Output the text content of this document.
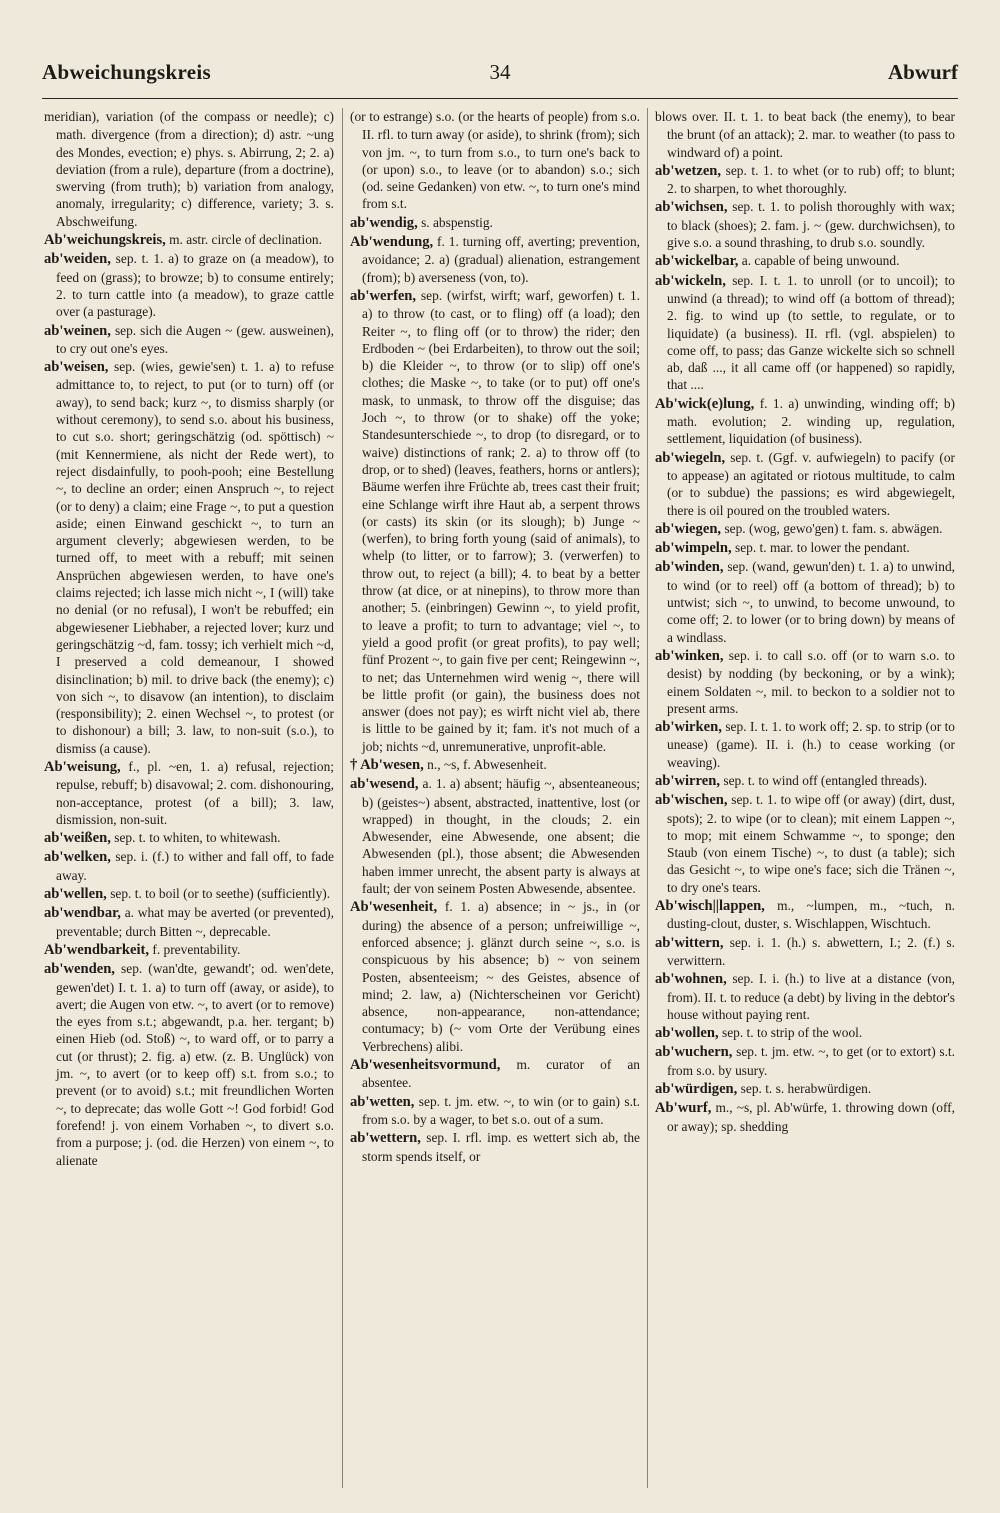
Abweichungskreis	34	Abwurf

meridian), variation (of the compass or needle); c) math. divergence (from a direction); d) astr. ~ung des Mondes, evection; e) phys. s. Abirrung, 2; 2. a) deviation (from a rule), departure (from a doctrine), swerving (from truth); b) variation from analogy, anomaly, irregularity; c) difference, variety; 3. s. Abschweifung.

Ab'weichungskreis, m. astr. circle of declination.

ab'weiden, sep. t. 1. a) to graze on (a meadow), to feed on (grass); to browze; b) to consume entirely; 2. to turn cattle into (a meadow), to graze cattle over (a pasturage).

ab'weinen, sep. sich die Augen ~ (gew. ausweinen), to cry out one's eyes.

ab'weisen, sep. (wies, gewie'sen) t. 1. a) to refuse admittance to, to reject, to put (or to turn) off (or away), to send back; kurz ~, to dismiss sharply (or without ceremony), to send s.o. about his business, to cut s.o. short; geringschätzig (od. spöttisch) ~ (mit Kennermiene, als nicht der Rede wert), to reject disdainfully, to pooh-pooh; eine Bestellung ~, to decline an order; einen Anspruch ~, to reject (or to deny) a claim; eine Frage ~, to put a question aside; einen Einwand geschickt ~, to turn an argument cleverly; abgewiesen werden, to be turned off, to meet with a rebuff; mit seinen Ansprüchen abgewiesen werden, to have one's claims rejected; ich lasse mich nicht ~, I (will) take no denial (or no refusal), I won't be rebuffed; ein abgewiesener Liebhaber, a rejected lover; kurz und geringschätzig ~d, fam. tossy; ich verhielt mich ~d, I preserved a cold demeanour, I showed disinclination; b) mil. to drive back (the enemy); c) von sich ~, to disavow (an intention), to disclaim (responsibility); 2. einen Wechsel ~, to protest (or to dishonour) a bill; 3. law, to non-suit (s.o.), to dismiss (a cause).

Ab'weisung, f., pl. ~en, 1. a) refusal, rejection; repulse, rebuff; b) disavowal; 2. com. dishonouring, non-acceptance, protest (of a bill); 3. law, dismission, non-suit.

ab'weißen, sep. t. to whiten, to whitewash.

ab'welken, sep. i. (f.) to wither and fall off, to fade away.

ab'wellen, sep. t. to boil (or to seethe) (sufficiently).

ab'wendbar, a. what may be averted (or prevented), preventable; durch Bitten ~, deprecable.

Ab'wendbarkeit, f. preventability.

ab'wenden, sep. (wan'dte, gewandt'; od. wen'dete, gewen'det) I. t. 1. a) to turn off (away, or aside), to avert; die Augen von etw. ~, to avert (or to remove) the eyes from s.t.; abgewandt, p.a. her. tergant; b) einen Hieb (od. Stoß) ~, to ward off, or to parry a cut (or thrust); 2. fig. a) etw. (z. B. Unglück) von jm. ~, to avert (or to keep off) s.t. from s.o.; to prevent (or to avoid) s.t.; mit freundlichen Worten ~, to deprecate; das wolle Gott ~! God forbid! God forefend! j. von einem Vorhaben ~, to divert s.o. from a purpose; j. (od. die Herzen) von einem ~, to alienate

(or to estrange) s.o. (or the hearts of people) from s.o. II. rfl. to turn away (or aside), to shrink (from); sich von jm. ~, to turn from s.o., to turn one's back to (or upon) s.o., to leave (or to abandon) s.o.; sich (od. seine Gedanken) von etw. ~, to turn one's mind from s.t.

ab'wendig, s. abspenstig.

Ab'wendung, f. 1. turning off, averting; prevention, avoidance; 2. a) (gradual) alienation, estrangement (from); b) averseness (von, to).

ab'werfen, sep. (wirfst, wirft; warf, geworfen) t. 1. a) to throw (to cast, or to fling) off (a load); den Reiter ~, to fling off (or to throw) the rider; den Erdboden ~ (bei Erdarbeiten), to throw out the soil; b) die Kleider ~, to throw (or to slip) off one's clothes; die Maske ~, to take (or to put) off one's mask, to unmask, to throw off the disguise; das Joch ~, to throw (or to shake) off the yoke; Standesunterschiede ~, to drop (to disregard, or to waive) distinctions of rank; 2. a) to throw off (to drop, or to shed) (leaves, feathers, horns or antlers); Bäume werfen ihre Früchte ab, trees cast their fruit; eine Schlange wirft ihre Haut ab, a serpent throws (or casts) its skin (or its slough); b) Junge ~ (werfen), to bring forth young (said of animals), to whelp (to litter, or to farrow); 3. (verwerfen) to throw out, to reject (a bill); 4. to beat by a better throw (at dice, or at ninepins), to throw more than another; 5. (einbringen) Gewinn ~, to yield profit, to leave a profit; to turn to advantage; viel ~, to yield a good profit (or great profits), to pay well; fünf Prozent ~, to gain five per cent; Reingewinn ~, to net; das Unternehmen wird wenig ~, there will be little profit (or gain), the business does not answer (does not pay); es wirft nicht viel ab, there is little to be gained by it; fam. it's not much of a job; nichts ~d, unremunerative, unprofit-able.

† Ab'wesen, n., ~s, f. Abwesenheit.

ab'wesend, a. 1. a) absent; häufig ~, absenteaneous; b) (geistes~) absent, abstracted, inattentive, lost (or wrapped) in thought, in the clouds; 2. ein Abwesender, eine Abwesende, one absent; die Abwesenden (pl.), those absent; die Abwesenden haben immer unrecht, the absent party is always at fault; der von seinem Posten Abwesende, absentee.

Ab'wesenheit, f. 1. a) absence; in ~ js., in (or during) the absence of a person; unfreiwillige ~, enforced absence; j. glänzt durch seine ~, s.o. is conspicuous by his absence; b) ~ von seinem Posten, absenteeism; ~ des Geistes, absence of mind; 2. law, a) (Nichterscheinen vor Gericht) absence, non-appearance, non-attendance; contumacy; b) (~ vom Orte der Verübung eines Verbrechens) alibi.

Ab'wesenheitsvormund, m. curator of an absentee.

ab'wetten, sep. t. jm. etw. ~, to win (or to gain) s.t. from s.o. by a wager, to bet s.o. out of a sum.

ab'wettern, sep. I. rfl. imp. es wettert sich ab, the storm spends itself, or

blows over. II. t. 1. to beat back (the enemy), to bear the brunt (of an attack); 2. mar. to weather (to pass to windward of) a point.

ab'wetzen, sep. t. 1. to whet (or to rub) off; to blunt; 2. to sharpen, to whet thoroughly.

ab'wichsen, sep. t. 1. to polish thoroughly with wax; to black (shoes); 2. fam. j. ~ (gew. durchwichsen), to give s.o. a sound thrashing, to drub s.o. soundly.

ab'wickelbar, a. capable of being unwound.

ab'wickeln, sep. I. t. 1. to unroll (or to uncoil); to unwind (a thread); to wind off (a bottom of thread); 2. fig. to wind up (to settle, to regulate, or to liquidate) (a business). II. rfl. (vgl. abspielen) to come off, to pass; das Ganze wickelte sich so schnell ab, daß ..., it all came off (or happened) so rapidly, that ....

Ab'wick(e)lung, f. 1. a) unwinding, winding off; b) math. evolution; 2. winding up, regulation, settlement, liquidation (of business).

ab'wiegeln, sep. t. (Ggf. v. aufwiegeln) to pacify (or to appease) an agitated or riotous multitude, to calm (or to subdue) the passions; es wird abgewiegelt, there is oil poured on the troubled waters.

ab'wiegen, sep. (wog, gewo'gen) t. fam. s. abwägen.

ab'wimpeln, sep. t. mar. to lower the pendant.

ab'winden, sep. (wand, gewun'den) t. 1. a) to unwind, to wind (or to reel) off (a bottom of thread); b) to untwist; sich ~, to unwind, to become unwound, to come off; 2. to lower (or to bring down) by means of a windlass.

ab'winken, sep. i. to call s.o. off (or to warn s.o. to desist) by nodding (by beckoning, or by a wink); einem Soldaten ~, mil. to beckon to a soldier not to present arms.

ab'wirken, sep. I. t. 1. to work off; 2. sp. to strip (or to unease) (game). II. i. (h.) to cease working (or weaving).

ab'wirren, sep. t. to wind off (entangled threads).

ab'wischen, sep. t. 1. to wipe off (or away) (dirt, dust, spots); 2. to wipe (or to clean); mit einem Lappen ~, to mop; mit einem Schwamme ~, to sponge; den Staub (von einem Tische) ~, to dust (a table); sich das Gesicht ~, to wipe one's face; sich die Tränen ~, to dry one's tears.

Ab'wisch||lappen, m., ~lumpen, m., ~tuch, n. dusting-clout, duster, s. Wischlappen, Wischtuch.

ab'wittern, sep. i. 1. (h.) s. abwettern, I.; 2. (f.) s. verwittern.

ab'wohnen, sep. I. i. (h.) to live at a distance (von, from). II. t. to reduce (a debt) by living in the debtor's house without paying rent.

ab'wollen, sep. t. to strip of the wool.

ab'wuchern, sep. t. jm. etw. ~, to get (or to extort) s.t. from s.o. by usury.

ab'würdigen, sep. t. s. herabwürdigen.

Ab'wurf, m., ~s, pl. Ab'würfe, 1. throwing down (off, or away); sp. shedding
